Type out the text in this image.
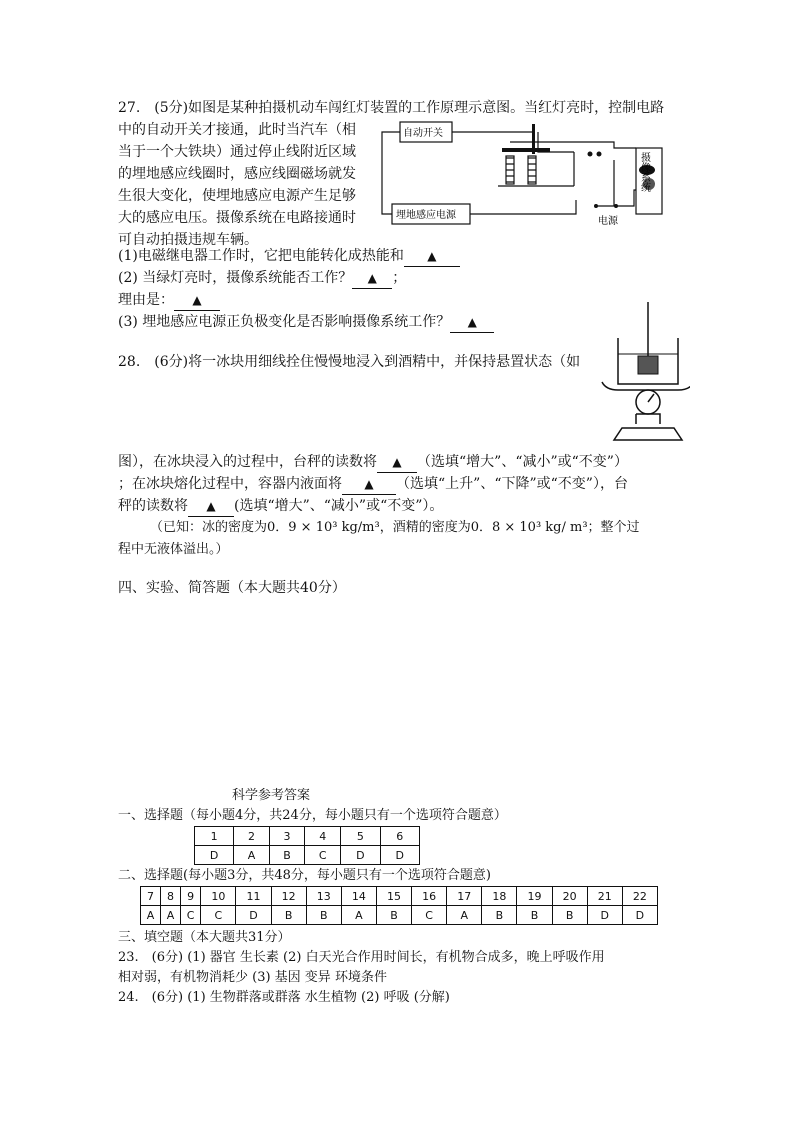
27.　(5分)如图是某种拍摄机动车闯红灯装置的工作原理示意图。当红灯亮时，控制电路
中的自动开关才接通，此时当汽车（相
当于一个大铁块）通过停止线附近区域
的埋地感应线圈时，感应线圈磁场就发
生很大变化，使埋地感应电源产生足够
大的感应电压。摄像系统在电路接通时
可自动拍摄违规车辆。
自动开关
埋地感应电源
电源
摄像系统
(1)电磁继电器工作时，它把电能转化成热能和 ▲
(2) 当绿灯亮时，摄像系统能否工作？ ▲ ；
理由是： ▲
(3) 埋地感应电源正负极变化是否影响摄像系统工作？ ▲
28.　(6分)将一冰块用细线拴住慢慢地浸入到酒精中，并保持悬置状态（如
图），在冰块浸入的过程中，台秤的读数将 ▲ （选填“增大”、“减小”或“不变”）
；在冰块熔化过程中，容器内液面将 ▲ （选填“上升”、“下降”或“不变”），台
秤的读数将 ▲ (选填“增大”、“减小”或“不变”）。
（已知：冰的密度为0．9 × 10³ kg/m³，酒精的密度为0．8 × 10³ kg/ m³；整个过
程中无液体溢出。）
四、实验、简答题（本大题共40分）
科学参考答案
一、选择题（每小题4分，共24分，每小题只有一个选项符合题意）
1	2	3	4	5	6
D	A	B	C	D	D
二、选择题(每小题3分，共48分，每小题只有一个选项符合题意)
7	8	9	10	11	12	13	14	15	16	17	18	19	20	21	22
A	A	C	C	D	B	B	A	B	C	A	B	B	B	D	D
三、填空题（本大题共31分）
23.　(6分) (1) 器官 生长素 (2) 白天光合作用时间长，有机物合成多，晚上呼吸作用
相对弱，有机物消耗少 (3) 基因 变异 环境条件
24.　(6分) (1) 生物群落或群落 水生植物 (2) 呼吸 (分解)
